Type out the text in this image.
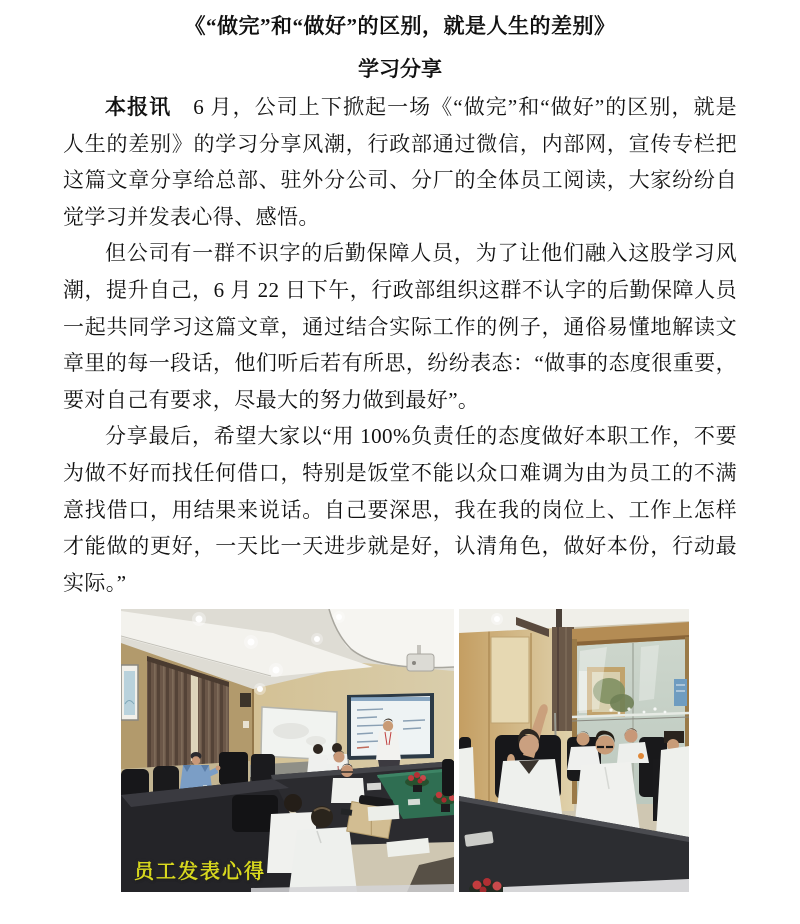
《“做完”和“做好”的区别，就是人生的差别》
学习分享

本报讯　6 月，公司上下掀起一场《“做完”和“做好”的区别，就是人生的差别》的学习分享风潮，行政部通过微信，内部网，宣传专栏把这篇文章分享给总部、驻外分公司、分厂的全体员工阅读，大家纷纷自觉学习并发表心得、感悟。

但公司有一群不识字的后勤保障人员，为了让他们融入这股学习风潮，提升自己，6 月 22 日下午，行政部组织这群不认字的后勤保障人员一起共同学习这篇文章，通过结合实际工作的例子，通俗易懂地解读文章里的每一段话，他们听后若有所思，纷纷表态：“做事的态度很重要，要对自己有要求，尽最大的努力做到最好”。

分享最后，希望大家以“用 100%负责任的态度做好本职工作，不要为做不好而找任何借口，特别是饭堂不能以众口难调为由为员工的不满意找借口，用结果来说话。自己要深思，我在我的岗位上、工作上怎样才能做的更好，一天比一天进步就是好，认清角色，做好本份，行动最实际。”

员工发表心得
